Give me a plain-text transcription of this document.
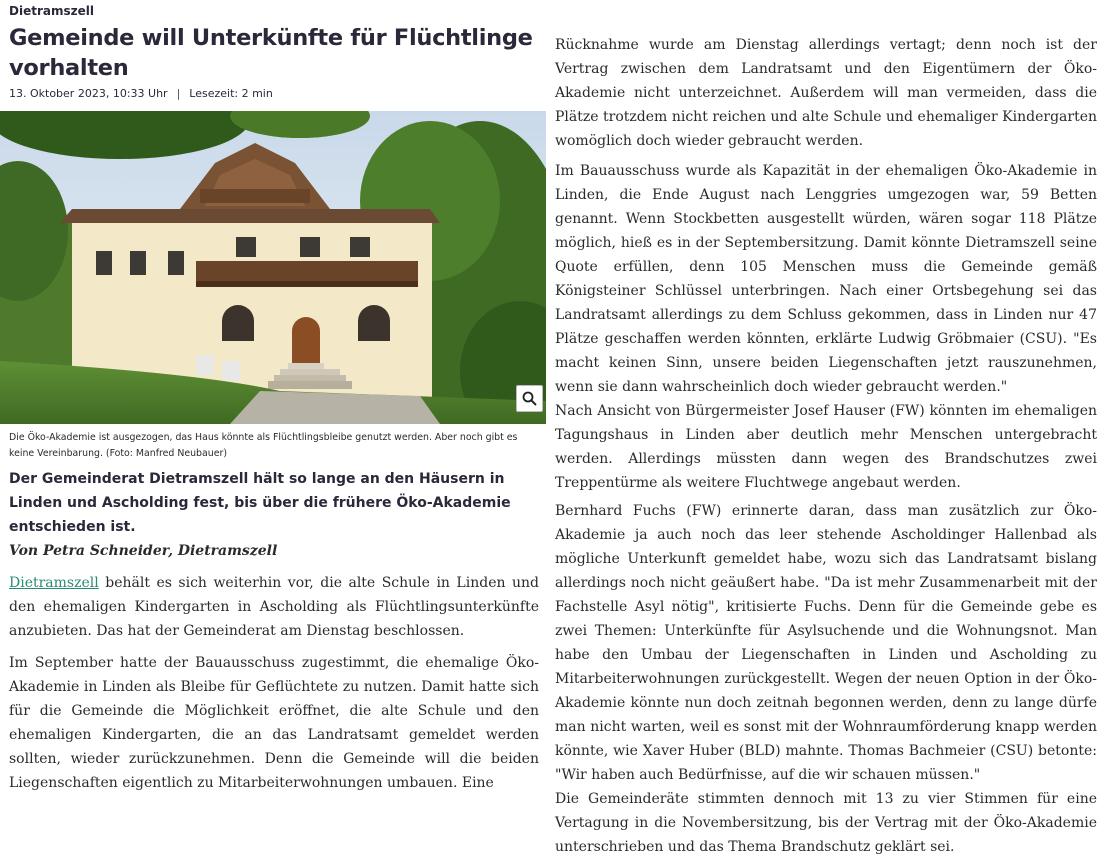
Dietramszell
Gemeinde will Unterkünfte für Flüchtlinge vorhalten
13. Oktober 2023, 10:33 Uhr | Lesezeit: 2 min
Die Öko-Akademie ist ausgezogen, das Haus könnte als Flüchtlingsbleibe genutzt werden. Aber noch gibt es keine Vereinbarung. (Foto: Manfred Neubauer)
Der Gemeinderat Dietramszell hält so lange an den Häusern in Linden und Ascholding fest, bis über die frühere Öko-Akademie entschieden ist.
Von Petra Schneider, Dietramszell

Dietramszell behält es sich weiterhin vor, die alte Schule in Linden und den ehemaligen Kindergarten in Ascholding als Flüchtlingsunterkünfte anzubieten. Das hat der Gemeinderat am Dienstag beschlossen.

Im September hatte der Bauausschuss zugestimmt, die ehemalige Öko-Akademie in Linden als Bleibe für Geflüchtete zu nutzen. Damit hatte sich für die Gemeinde die Möglichkeit eröffnet, die alte Schule und den ehemaligen Kindergarten, die an das Landratsamt gemeldet werden sollten, wieder zurückzunehmen. Denn die Gemeinde will die beiden Liegenschaften eigentlich zu Mitarbeiterwohnungen umbauen. Eine

Rücknahme wurde am Dienstag allerdings vertagt; denn noch ist der Vertrag zwischen dem Landratsamt und den Eigentümern der Öko-Akademie nicht unterzeichnet. Außerdem will man vermeiden, dass die Plätze trotzdem nicht reichen und alte Schule und ehemaliger Kindergarten womöglich doch wieder gebraucht werden.

Im Bauausschuss wurde als Kapazität in der ehemaligen Öko-Akademie in Linden, die Ende August nach Lenggries umgezogen war, 59 Betten genannt. Wenn Stockbetten ausgestellt würden, wären sogar 118 Plätze möglich, hieß es in der Septembersitzung. Damit könnte Dietramszell seine Quote erfüllen, denn 105 Menschen muss die Gemeinde gemäß Königsteiner Schlüssel unterbringen. Nach einer Ortsbegehung sei das Landratsamt allerdings zu dem Schluss gekommen, dass in Linden nur 47 Plätze geschaffen werden könnten, erklärte Ludwig Gröbmaier (CSU). "Es macht keinen Sinn, unsere beiden Liegenschaften jetzt rauszunehmen, wenn sie dann wahrscheinlich doch wieder gebraucht werden."

Nach Ansicht von Bürgermeister Josef Hauser (FW) könnten im ehemaligen Tagungshaus in Linden aber deutlich mehr Menschen untergebracht werden. Allerdings müssten dann wegen des Brandschutzes zwei Treppentürme als weitere Fluchtwege angebaut werden.

Bernhard Fuchs (FW) erinnerte daran, dass man zusätzlich zur Öko-Akademie ja auch noch das leer stehende Ascholdinger Hallenbad als mögliche Unterkunft gemeldet habe, wozu sich das Landratsamt bislang allerdings noch nicht geäußert habe. "Da ist mehr Zusammenarbeit mit der Fachstelle Asyl nötig", kritisierte Fuchs. Denn für die Gemeinde gebe es zwei Themen: Unterkünfte für Asylsuchende und die Wohnungsnot. Man habe den Umbau der Liegenschaften in Linden und Ascholding zu Mitarbeiterwohnungen zurückgestellt. Wegen der neuen Option in der Öko-Akademie könnte nun doch zeitnah begonnen werden, denn zu lange dürfe man nicht warten, weil es sonst mit der Wohnraumförderung knapp werden könnte, wie Xaver Huber (BLD) mahnte. Thomas Bachmeier (CSU) betonte: "Wir haben auch Bedürfnisse, auf die wir schauen müssen."

Die Gemeinderäte stimmten dennoch mit 13 zu vier Stimmen für eine Vertagung in die Novembersitzung, bis der Vertrag mit der Öko-Akademie unterschrieben und das Thema Brandschutz geklärt sei.
